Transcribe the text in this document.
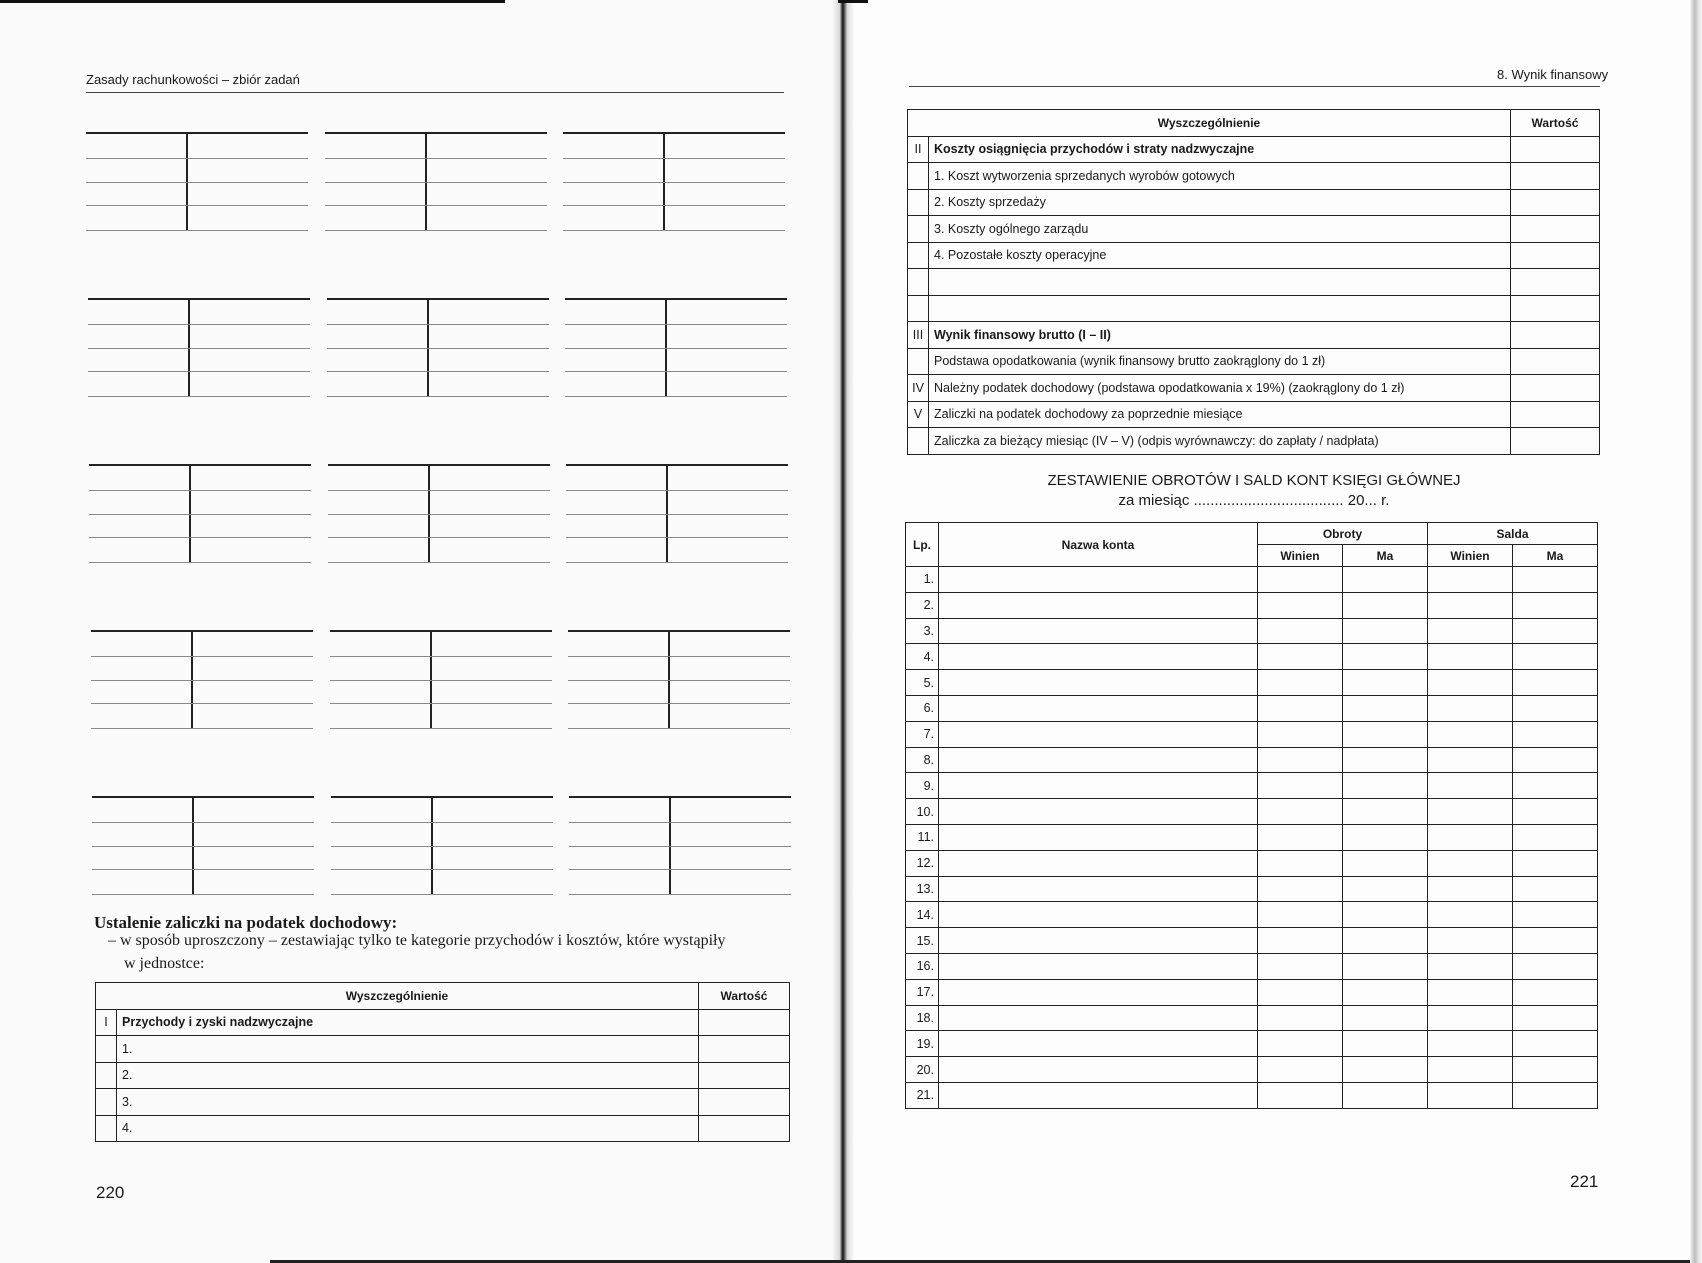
Zasady rachunkowości – zbiór zadań
Ustalenie zaliczki na podatek dochodowy:
– w sposób uproszczony – zestawiając tylko te kategorie przychodów i kosztów, które wystąpiły
w jednostce:
Wyszczególnienie		Wartość
I	Przychody i zyski nadzwyczajne	
	1.	
	2.	
	3.	
	4.	
220
8. Wynik finansowy
Wyszczególnienie		Wartość
II	Koszty osiągnięcia przychodów i straty nadzwyczajne	
	1. Koszt wytworzenia sprzedanych wyrobów gotowych	
	2. Koszty sprzedaży	
	3. Koszty ogólnego zarządu	
	4. Pozostałe koszty operacyjne	

III	Wynik finansowy brutto (I – II)	
	Podstawa opodatkowania (wynik finansowy brutto zaokrąglony do 1 zł)	
IV	Należny podatek dochodowy (podstawa opodatkowania x 19%) (zaokrąglony do 1 zł)	
V	Zaliczki na podatek dochodowy za poprzednie miesiące	
	Zaliczka za bieżący miesiąc (IV – V) (odpis wyrównawczy: do zapłaty / nadpłata)	
ZESTAWIENIE OBROTÓW I SALD KONT KSIĘGI GŁÓWNEJ
za miesiąc .................................... 20... r.
Lp.	Nazwa konta	Obroty		Salda	
		Winien	Ma	Winien	Ma
1.					
2.					
3.					
4.					
5.					
6.					
7.					
8.					
9.					
10.					
11.					
12.					
13.					
14.					
15.					
16.					
17.					
18.					
19.					
20.					
21.					
221
